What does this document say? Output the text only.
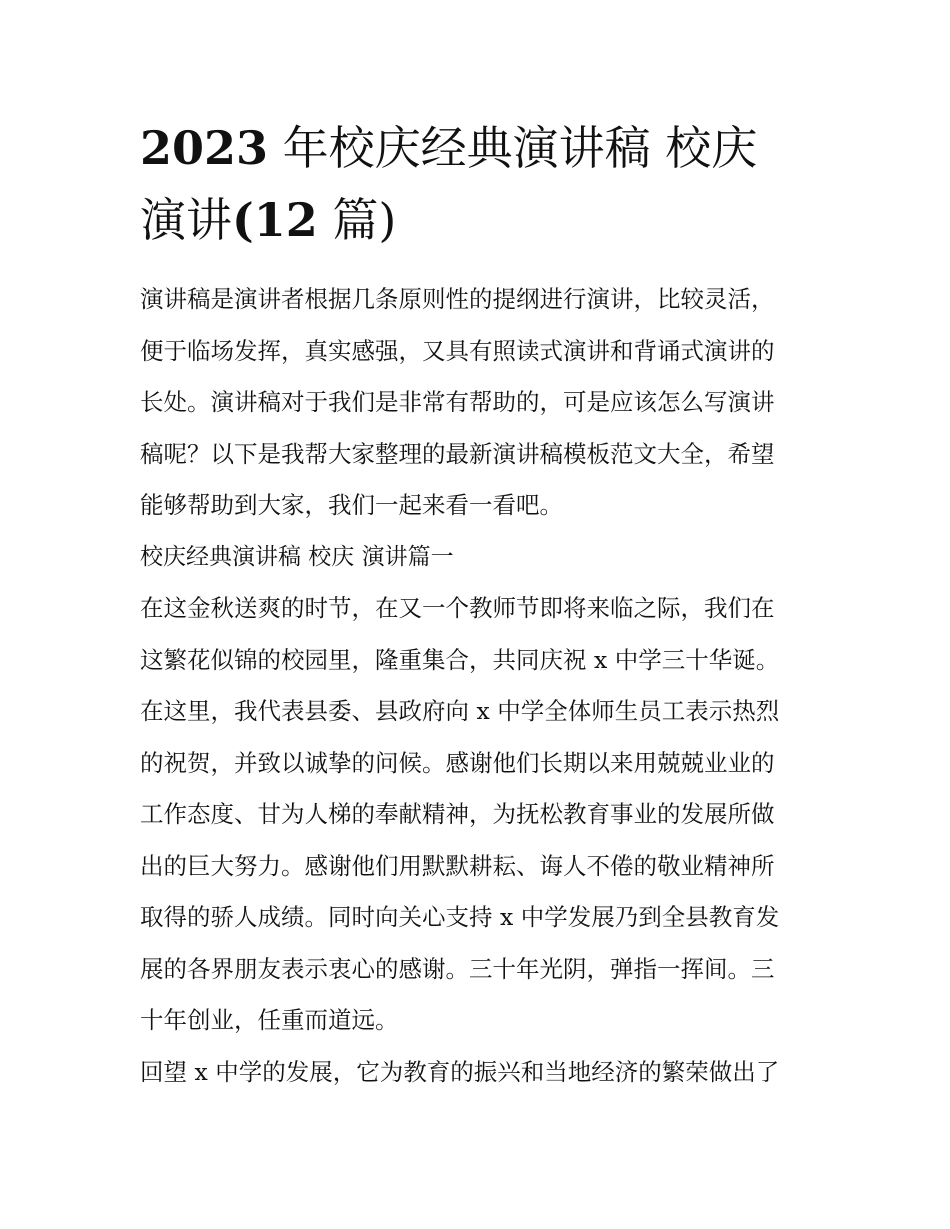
2023 年校庆经典演讲稿 校庆
演讲(12 篇)
演讲稿是演讲者根据几条原则性的提纲进行演讲，比较灵活，
便于临场发挥，真实感强，又具有照读式演讲和背诵式演讲的
长处。演讲稿对于我们是非常有帮助的，可是应该怎么写演讲
稿呢？以下是我帮大家整理的最新演讲稿模板范文大全，希望
能够帮助到大家，我们一起来看一看吧。
校庆经典演讲稿 校庆 演讲篇一
在这金秋送爽的时节，在又一个教师节即将来临之际，我们在
这繁花似锦的校园里，隆重集合，共同庆祝 x 中学三十华诞。
在这里，我代表县委、县政府向 x 中学全体师生员工表示热烈
的祝贺，并致以诚挚的问候。感谢他们长期以来用兢兢业业的
工作态度、甘为人梯的奉献精神，为抚松教育事业的发展所做
出的巨大努力。感谢他们用默默耕耘、诲人不倦的敬业精神所
取得的骄人成绩。同时向关心支持 x 中学发展乃到全县教育发
展的各界朋友表示衷心的感谢。三十年光阴，弹指一挥间。三
十年创业，任重而道远。
回望 x 中学的发展，它为教育的振兴和当地经济的繁荣做出了
